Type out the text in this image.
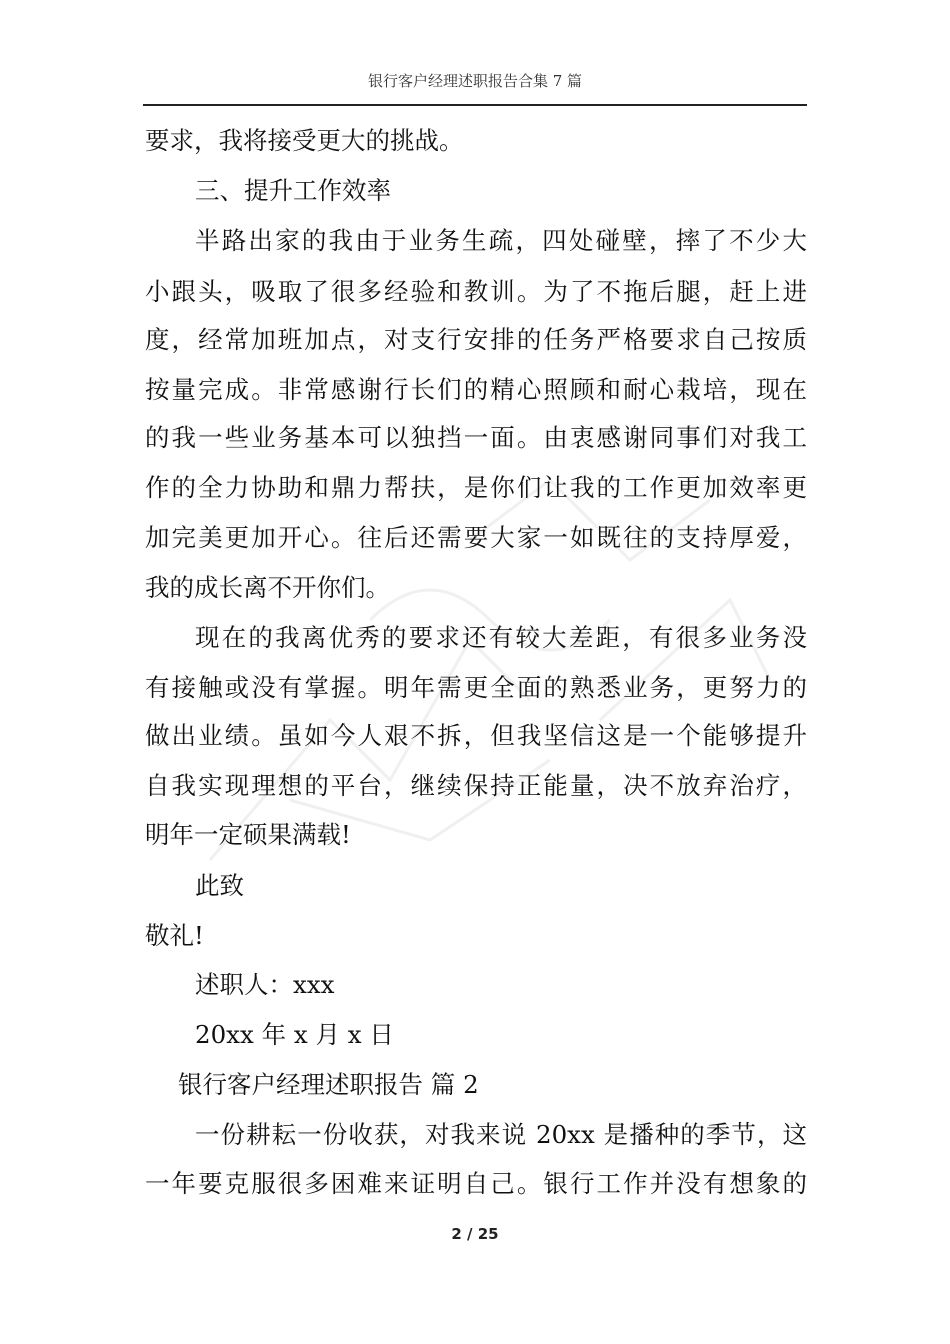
银行客户经理述职报告合集 7 篇
要求，我将接受更大的挑战。
三、提升工作效率
半路出家的我由于业务生疏，四处碰壁，摔了不少大
小跟头，吸取了很多经验和教训。为了不拖后腿，赶上进
度，经常加班加点，对支行安排的任务严格要求自己按质
按量完成。非常感谢行长们的精心照顾和耐心栽培，现在
的我一些业务基本可以独挡一面。由衷感谢同事们对我工
作的全力协助和鼎力帮扶，是你们让我的工作更加效率更
加完美更加开心。往后还需要大家一如既往的支持厚爱，
我的成长离不开你们。
现在的我离优秀的要求还有较大差距，有很多业务没
有接触或没有掌握。明年需更全面的熟悉业务，更努力的
做出业绩。虽如今人艰不拆，但我坚信这是一个能够提升
自我实现理想的平台，继续保持正能量，决不放弃治疗，
明年一定硕果满载!
此致
敬礼!
述职人：xxx
20xx 年 x 月 x 日
银行客户经理述职报告 篇 2
一份耕耘一份收获，对我来说 20xx 是播种的季节，这
一年要克服很多困难来证明自己。银行工作并没有想象的
2 / 25
